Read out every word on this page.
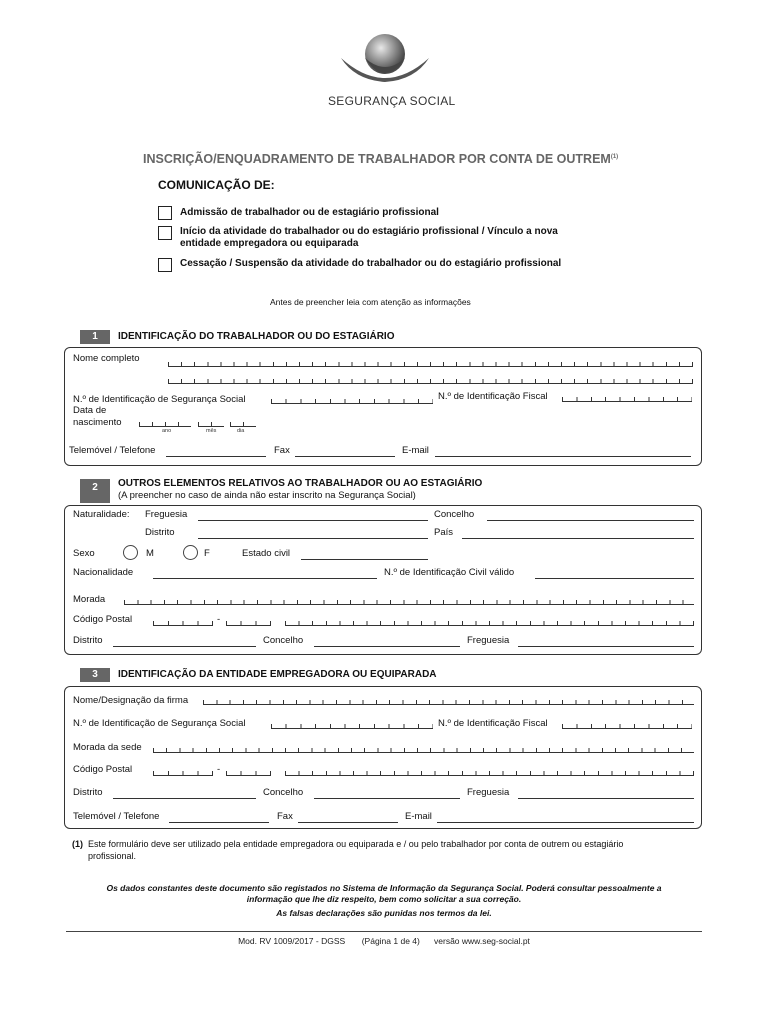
SEGURANÇA SOCIAL
INSCRIÇÃO/ENQUADRAMENTO DE TRABALHADOR POR CONTA DE OUTREM$^{(1)}$
COMUNICAÇÃO DE:
Admissão de trabalhador ou de estagiário profissional
Início da atividade do trabalhador ou do estagiário profissional / Vínculo a nova
entidade empregadora ou equiparada
Cessação / Suspensão da atividade do trabalhador ou do estagiário profissional
Antes de preencher leia com atenção as informações
1	IDENTIFICAÇÃO DO TRABALHADOR OU DO ESTAGIÁRIO
Nome completo
N.º de Identificação de Segurança Social	N.º de Identificação Fiscal
Data de
nascimento
ano	mês	dia
Telemóvel / Telefone	Fax	E-mail
2	OUTROS ELEMENTOS RELATIVOS AO TRABALHADOR OU AO ESTAGIÁRIO
(A preencher no caso de ainda não estar inscrito na Segurança Social)
Naturalidade: Freguesia	Concelho
Distrito	País
Sexo	M	F	Estado civil
Nacionalidade	N.º de Identificação Civil válido
Morada
Código Postal	-
Distrito	Concelho	Freguesia
3	IDENTIFICAÇÃO DA ENTIDADE EMPREGADORA OU EQUIPARADA
Nome/Designação da firma
N.º de Identificação de Segurança Social	N.º de Identificação Fiscal
Morada da sede
Código Postal	-
Distrito	Concelho	Freguesia
Telemóvel / Telefone	Fax	E-mail
(1) Este formulário deve ser utilizado pela entidade empregadora ou equiparada e / ou pelo trabalhador por conta de outrem ou estagiário
profissional.
Os dados constantes deste documento são registados no Sistema de Informação da Segurança Social. Poderá consultar pessoalmente a
informação que lhe diz respeito, bem como solicitar a sua correção.
As falsas declarações são punidas nos termos da lei.
Mod. RV 1009/2017 - DGSS (Página 1 de 4) versão www.seg-social.pt
